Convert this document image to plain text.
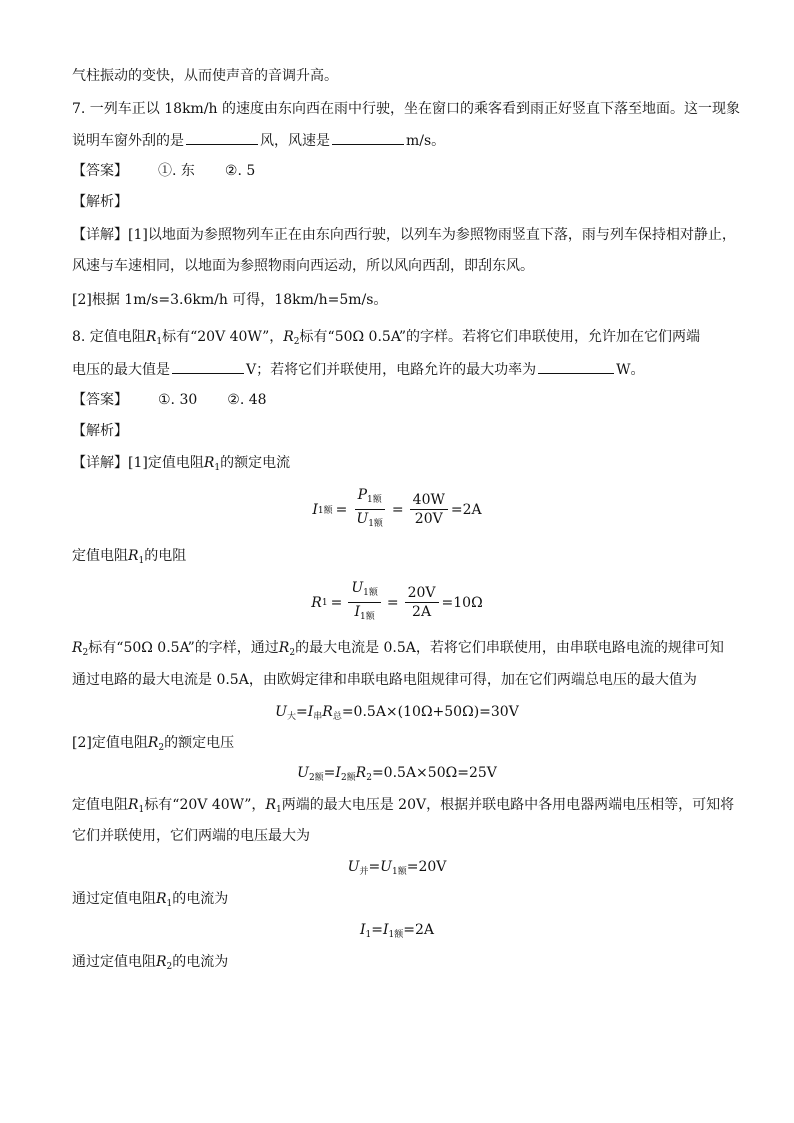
气柱振动的变快，从而使声音的音调升高。
7. 一列车正以 18km/h 的速度由东向西在雨中行驶，坐在窗口的乘客看到雨正好竖直下落至地面。这一现象
说明车窗外刮的是	风，风速是	m/s。
【答案】 ①. 东 ②. 5
【解析】
【详解】[1]以地面为参照物列车正在由东向西行驶，以列车为参照物雨竖直下落，雨与列车保持相对静止，
风速与车速相同，以地面为参照物雨向西运动，所以风向西刮，即刮东风。
[2]根据 1m/s=3.6km/h 可得，18km/h=5m/s。
8. 定值电阻$R_1$标有“20V 40W”，$R_2$标有“50Ω 0.5A”的字样。若将它们串联使用，允许加在它们两端
电压的最大值是	V；若将它们并联使用，电路允许的最大功率为	W。
【答案】 ①. 30 ②. 48
【解析】
【详解】[1]定值电阻$R_1$的额定电流
I 1额 = $\frac{P_{1额}}{U_{1额}} = \frac{40W}{20V} =2A$
定值电阻$R_1$的电阻
R $1 = \frac{U_{1额}}{I_{1额}} = \frac{20V}{2A} =10\Omega$
$R_2$标有“50Ω 0.5A”的字样，通过$R_2$的最大电流是 0.5A，若将它们串联使用，由串联电路电流的规律可知
通过电路的最大电流是 0.5A，由欧姆定律和串联电路电阻规律可得，加在它们两端总电压的最大值为
$U_大=I_串R_总=0.5A\times(10\Omega+50\Omega)=30V$
[2]定值电阻$R_2$的额定电压
$U_{2额}=I_{2额}R_2=0.5A\times 50\Omega=25V$
定值电阻$R_1$标有“20V 40W”，$R_1$两端的最大电压是 20V，根据并联电路中各用电器两端电压相等，可知将
它们并联使用，它们两端的电压最大为
$U_并=U_{1额}=20V$
通过定值电阻$R_1$的电流为
$I_1=I_{1额}=2A$
通过定值电阻$R_2$的电流为
